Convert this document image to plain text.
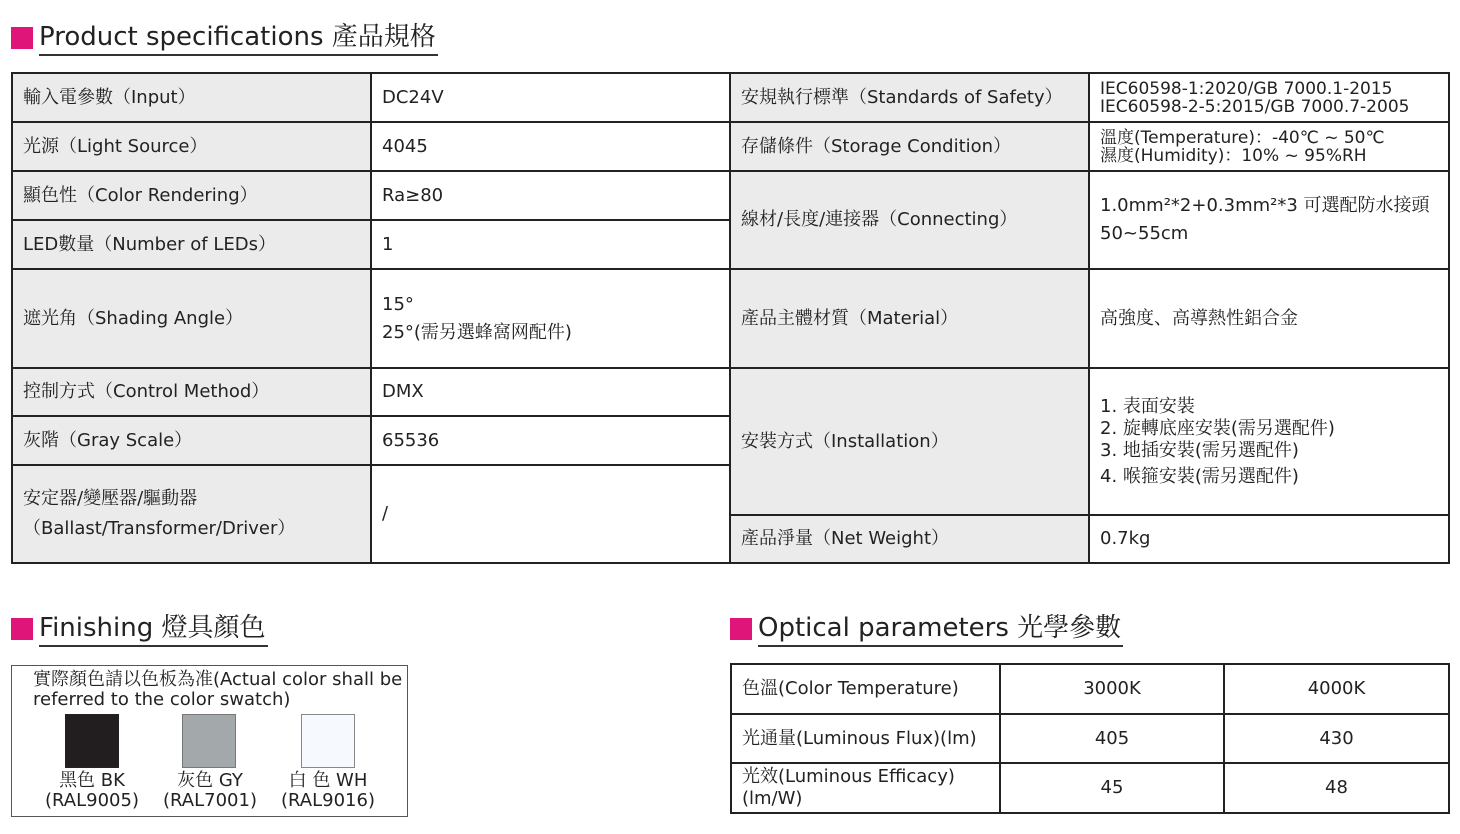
Product specifications 產品規格
輸入電參數（Input）	DC24V	安規執行標準（Standards of Safety）	IEC60598-1:2020/GB 7000.1-2015
IEC60598-2-5:2015/GB 7000.7-2005

光源（Light Source）	4045	存儲條件（Storage Condition）	溫度(Temperature)：-40℃ ~ 50℃
濕度(Humidity)：10% ~ 95%RH

顯色性（Color Rendering）	Ra≥80	線材/長度/連接器（Connecting）	1.0mm²*2+0.3mm²*3 可選配防水接頭
50~55cm

LED數量（Number of LEDs）	1		
遮光角（Shading Angle）	15°
25°(需另選蜂窩网配件)	產品主體材質（Material）	高強度、高導熱性鋁合金
控制方式（Control Method）	DMX	安裝方式（Installation）	1. 表面安裝
2. 旋轉底座安裝(需另選配件)
3. 地插安裝(需另選配件)
4. 喉箍安裝(需另選配件)

灰階（Gray Scale）	65536		

安定器/變壓器/驅動器
（Ballast/Transformer/Driver）	/		
		產品淨量（Net Weight）	0.7kg
Finishing 燈具顏色
實際顏色請以色板為准(Actual color shall be referred to the color swatch)
黑色 BK
(RAL9005)
灰色 GY
(RAL7001)
白 色 WH
(RAL9016)
Optical parameters 光學參數
色溫(Color Temperature)	3000K	4000K
光通量(Luminous Flux)(lm)	405	430
光效(Luminous Efficacy)(lm/W)	45	48
